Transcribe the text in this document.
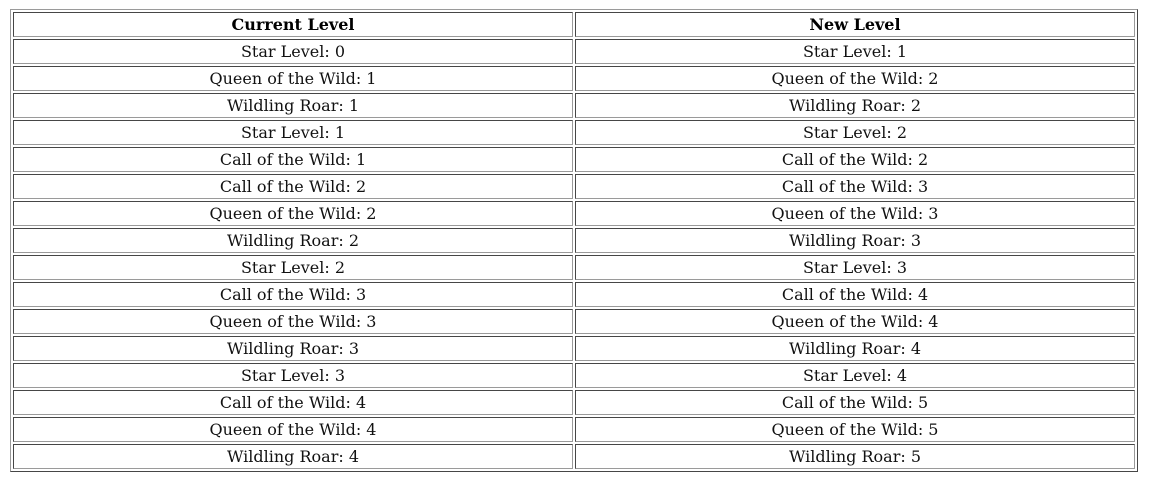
Current Level	New Level
Star Level: 0	Star Level: 1
Queen of the Wild: 1	Queen of the Wild: 2
Wildling Roar: 1	Wildling Roar: 2
Star Level: 1	Star Level: 2
Call of the Wild: 1	Call of the Wild: 2
Call of the Wild: 2	Call of the Wild: 3
Queen of the Wild: 2	Queen of the Wild: 3
Wildling Roar: 2	Wildling Roar: 3
Star Level: 2	Star Level: 3
Call of the Wild: 3	Call of the Wild: 4
Queen of the Wild: 3	Queen of the Wild: 4
Wildling Roar: 3	Wildling Roar: 4
Star Level: 3	Star Level: 4
Call of the Wild: 4	Call of the Wild: 5
Queen of the Wild: 4	Queen of the Wild: 5
Wildling Roar: 4	Wildling Roar: 5
